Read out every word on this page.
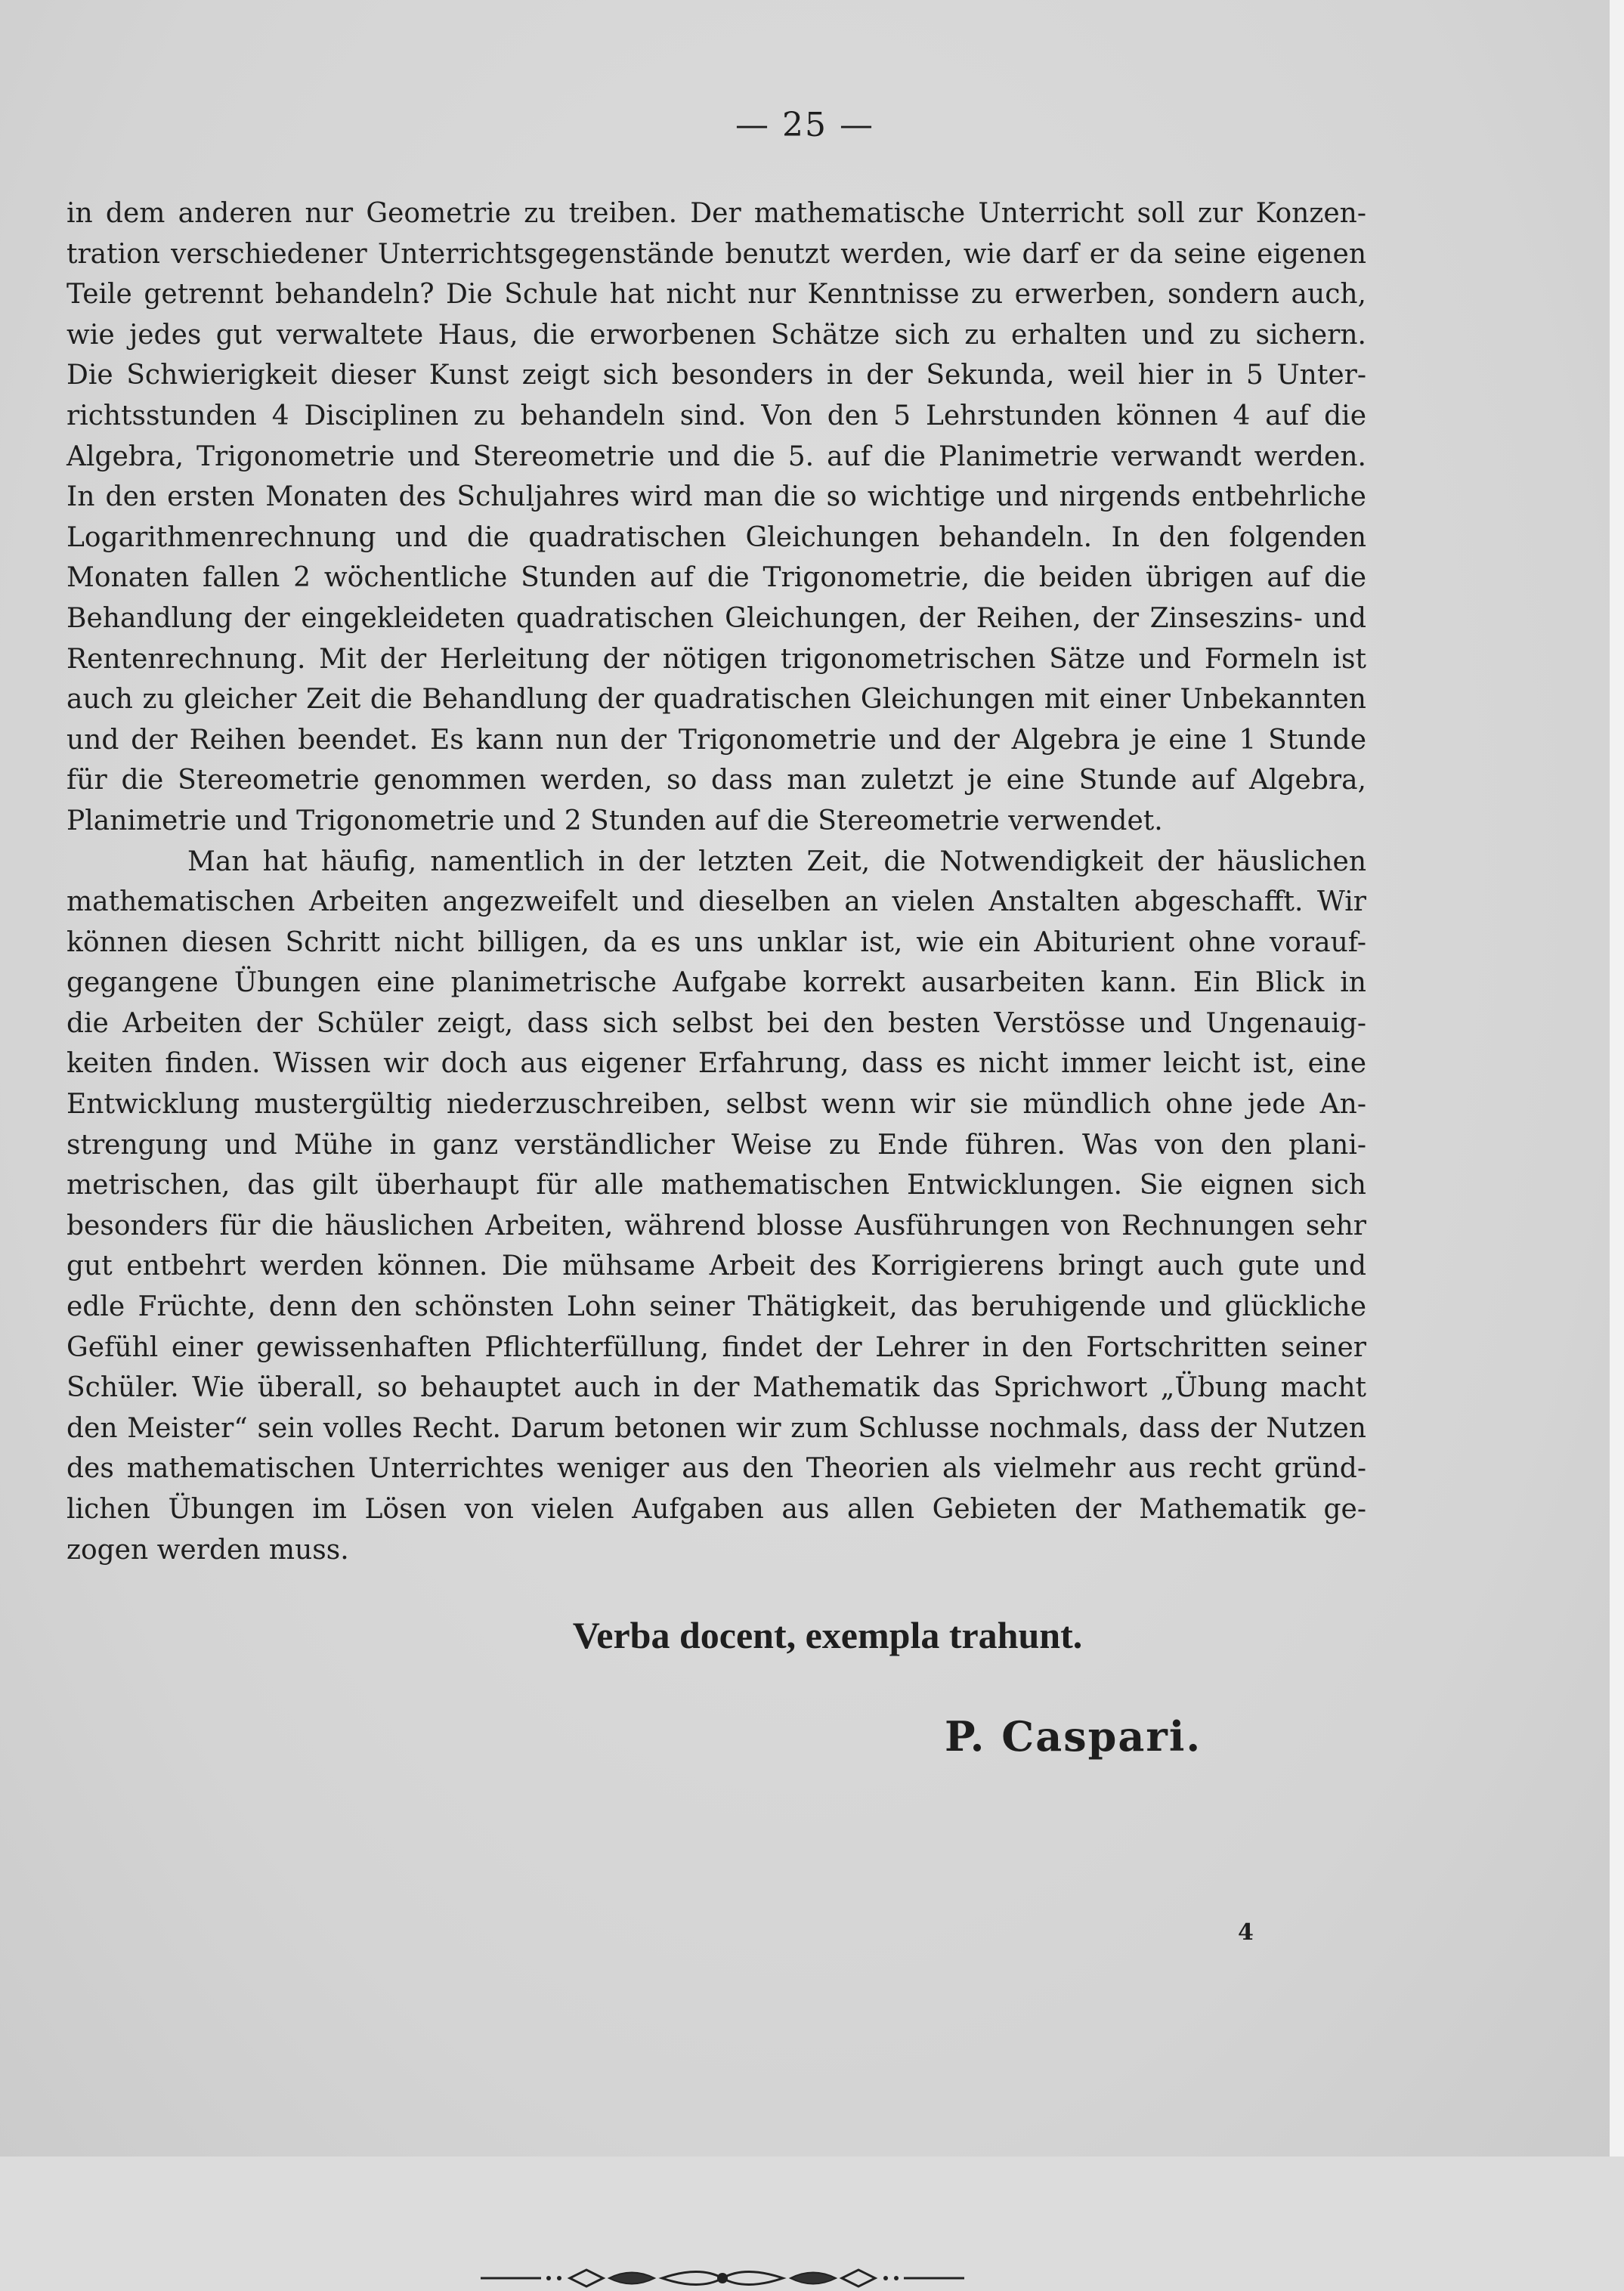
— 25 —
in dem anderen nur Geometrie zu treiben. Der mathematische Unterricht soll zur Konzen-
tration verschiedener Unterrichtsgegenstände benutzt werden, wie darf er da seine eigenen
Teile getrennt behandeln? Die Schule hat nicht nur Kenntnisse zu erwerben, sondern auch,
wie jedes gut verwaltete Haus, die erworbenen Schätze sich zu erhalten und zu sichern.
Die Schwierigkeit dieser Kunst zeigt sich besonders in der Sekunda, weil hier in 5 Unter-
richtsstunden 4 Disciplinen zu behandeln sind. Von den 5 Lehrstunden können 4 auf die
Algebra, Trigonometrie und Stereometrie und die 5. auf die Planimetrie verwandt werden.
In den ersten Monaten des Schuljahres wird man die so wichtige und nirgends entbehrliche
Logarithmenrechnung und die quadratischen Gleichungen behandeln. In den folgenden
Monaten fallen 2 wöchentliche Stunden auf die Trigonometrie, die beiden übrigen auf die
Behandlung der eingekleideten quadratischen Gleichungen, der Reihen, der Zinseszins- und
Rentenrechnung. Mit der Herleitung der nötigen trigonometrischen Sätze und Formeln ist
auch zu gleicher Zeit die Behandlung der quadratischen Gleichungen mit einer Unbekannten
und der Reihen beendet. Es kann nun der Trigonometrie und der Algebra je eine 1 Stunde
für die Stereometrie genommen werden, so dass man zuletzt je eine Stunde auf Algebra,
Planimetrie und Trigonometrie und 2 Stunden auf die Stereometrie verwendet.
Man hat häufig, namentlich in der letzten Zeit, die Notwendigkeit der häuslichen
mathematischen Arbeiten angezweifelt und dieselben an vielen Anstalten abgeschafft. Wir
können diesen Schritt nicht billigen, da es uns unklar ist, wie ein Abiturient ohne vorauf-
gegangene Übungen eine planimetrische Aufgabe korrekt ausarbeiten kann. Ein Blick in
die Arbeiten der Schüler zeigt, dass sich selbst bei den besten Verstösse und Ungenauig-
keiten finden. Wissen wir doch aus eigener Erfahrung, dass es nicht immer leicht ist, eine
Entwicklung mustergültig niederzuschreiben, selbst wenn wir sie mündlich ohne jede An-
strengung und Mühe in ganz verständlicher Weise zu Ende führen. Was von den plani-
metrischen, das gilt überhaupt für alle mathematischen Entwicklungen. Sie eignen sich
besonders für die häuslichen Arbeiten, während blosse Ausführungen von Rechnungen sehr
gut entbehrt werden können. Die mühsame Arbeit des Korrigierens bringt auch gute und
edle Früchte, denn den schönsten Lohn seiner Thätigkeit, das beruhigende und glückliche
Gefühl einer gewissenhaften Pflichterfüllung, findet der Lehrer in den Fortschritten seiner
Schüler. Wie überall, so behauptet auch in der Mathematik das Sprichwort „Übung macht
den Meister“ sein volles Recht. Darum betonen wir zum Schlusse nochmals, dass der Nutzen
des mathematischen Unterrichtes weniger aus den Theorien als vielmehr aus recht gründ-
lichen Übungen im Lösen von vielen Aufgaben aus allen Gebieten der Mathematik ge-
zogen werden muss.
Verba docent, exempla trahunt.
P. Caspari.
4
